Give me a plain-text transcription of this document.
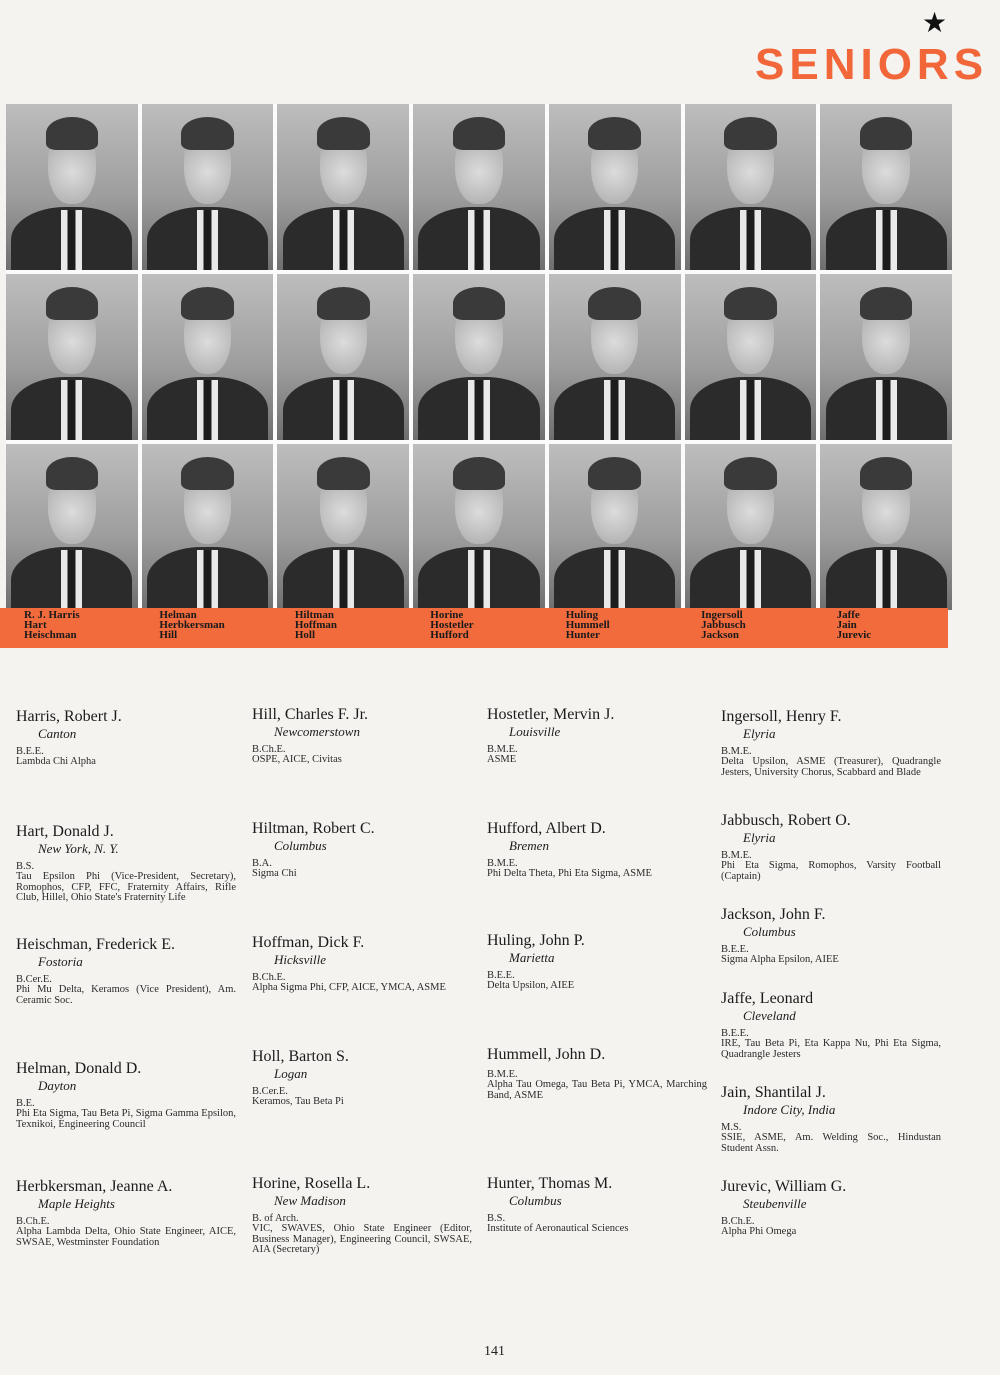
★
SENIORS
R. J. Harris
Hart
Heischman
Helman
Herbkersman
Hill
Hiltman
Hoffman
Holl
Horine
Hostetler
Hufford
Huling
Hummell
Hunter
Ingersoll
Jabbusch
Jackson
Jaffe
Jain
Jurevic
Harris, Robert J.
Canton
B.E.E.
Lambda Chi Alpha
Hart, Donald J.
New York, N. Y.
B.S.
Tau Epsilon Phi (Vice-President, Secretary), Romophos, CFP, FFC, Fraternity Affairs, Rifle Club, Hillel, Ohio State's Fraternity Life
Heischman, Frederick E.
Fostoria
B.Cer.E.
Phi Mu Delta, Keramos (Vice President), Am. Ceramic Soc.
Helman, Donald D.
Dayton
B.E.
Phi Eta Sigma, Tau Beta Pi, Sigma Gamma Epsilon, Texnikoi, Engineering Council
Herbkersman, Jeanne A.
Maple Heights
B.Ch.E.
Alpha Lambda Delta, Ohio State Engineer, AICE, SWSAE, Westminster Foundation
Hill, Charles F. Jr.
Newcomerstown
B.Ch.E.
OSPE, AICE, Civitas
Hiltman, Robert C.
Columbus
B.A.
Sigma Chi
Hoffman, Dick F.
Hicksville
B.Ch.E.
Alpha Sigma Phi, CFP, AICE, YMCA, ASME
Holl, Barton S.
Logan
B.Cer.E.
Keramos, Tau Beta Pi
Horine, Rosella L.
New Madison
B. of Arch.
VIC, SWAVES, Ohio State Engineer (Editor, Business Manager), Engineering Council, SWSAE, AIA (Secretary)
Hostetler, Mervin J.
Louisville
B.M.E.
ASME
Hufford, Albert D.
Bremen
B.M.E.
Phi Delta Theta, Phi Eta Sigma, ASME
Huling, John P.
Marietta
B.E.E.
Delta Upsilon, AIEE
Hummell, John D.
B.M.E.
Alpha Tau Omega, Tau Beta Pi, YMCA, Marching Band, ASME
Hunter, Thomas M.
Columbus
B.S.
Institute of Aeronautical Sciences
Ingersoll, Henry F.
Elyria
B.M.E.
Delta Upsilon, ASME (Treasurer), Quadrangle Jesters, University Chorus, Scabbard and Blade
Jabbusch, Robert O.
Elyria
B.M.E.
Phi Eta Sigma, Romophos, Varsity Football (Captain)
Jackson, John F.
Columbus
B.E.E.
Sigma Alpha Epsilon, AIEE
Jaffe, Leonard
Cleveland
B.E.E.
IRE, Tau Beta Pi, Eta Kappa Nu, Phi Eta Sigma, Quadrangle Jesters
Jain, Shantilal J.
Indore City, India
M.S.
SSIE, ASME, Am. Welding Soc., Hindustan Student Assn.
Jurevic, William G.
Steubenville
B.Ch.E.
Alpha Phi Omega
141
